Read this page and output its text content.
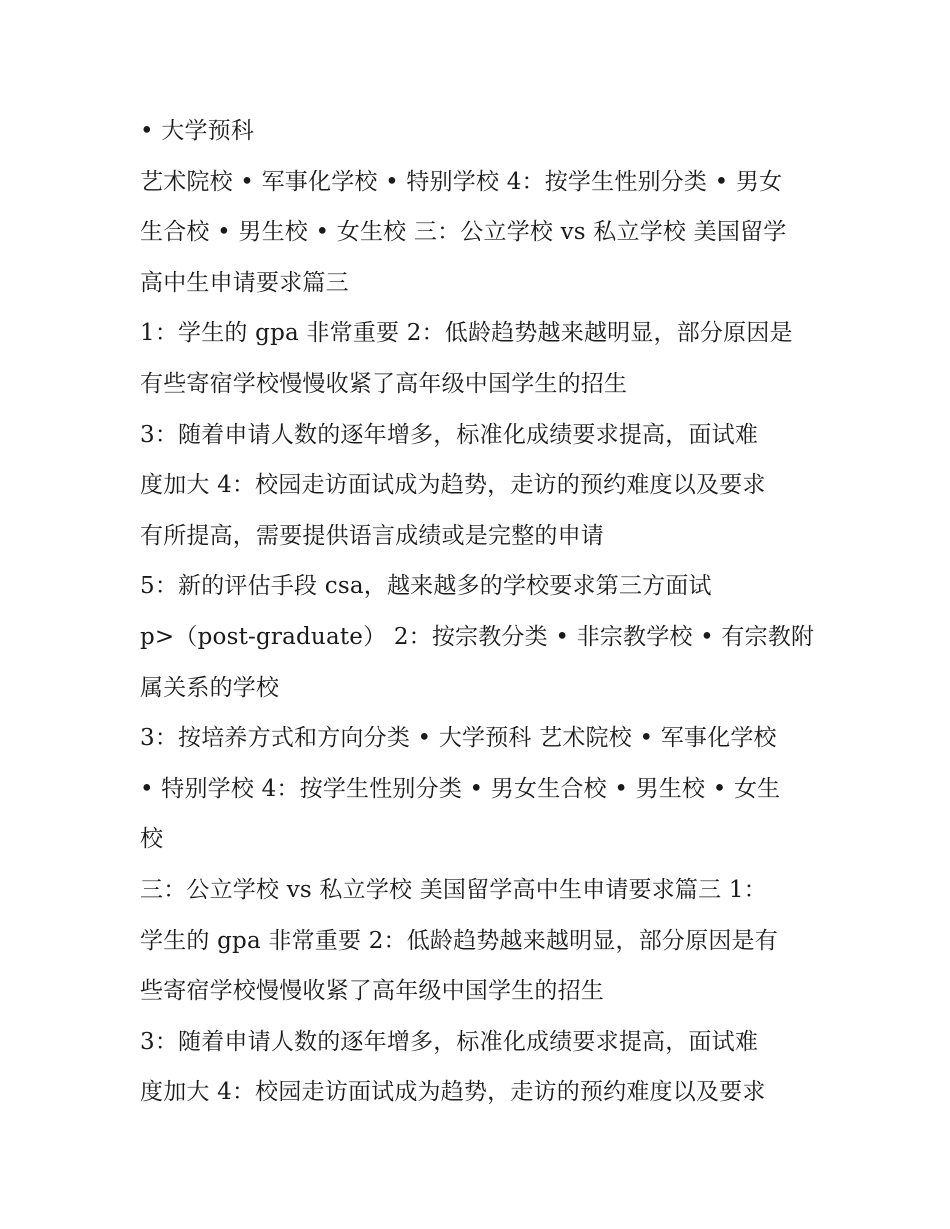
• 大学预科
艺术院校 • 军事化学校 • 特别学校 4：按学生性别分类 • 男女
生合校 • 男生校 • 女生校 三：公立学校 vs 私立学校 美国留学
高中生申请要求篇三
1：学生的 gpa 非常重要 2：低龄趋势越来越明显，部分原因是
有些寄宿学校慢慢收紧了高年级中国学生的招生
3：随着申请人数的逐年增多，标准化成绩要求提高，面试难
度加大 4：校园走访面试成为趋势，走访的预约难度以及要求
有所提高，需要提供语言成绩或是完整的申请
5：新的评估手段 csa，越来越多的学校要求第三方面试
p>（post-graduate） 2：按宗教分类 • 非宗教学校 • 有宗教附
属关系的学校
3：按培养方式和方向分类 • 大学预科 艺术院校 • 军事化学校
• 特别学校 4：按学生性别分类 • 男女生合校 • 男生校 • 女生
校
三：公立学校 vs 私立学校 美国留学高中生申请要求篇三 1：
学生的 gpa 非常重要 2：低龄趋势越来越明显，部分原因是有
些寄宿学校慢慢收紧了高年级中国学生的招生
3：随着申请人数的逐年增多，标准化成绩要求提高，面试难
度加大 4：校园走访面试成为趋势，走访的预约难度以及要求
